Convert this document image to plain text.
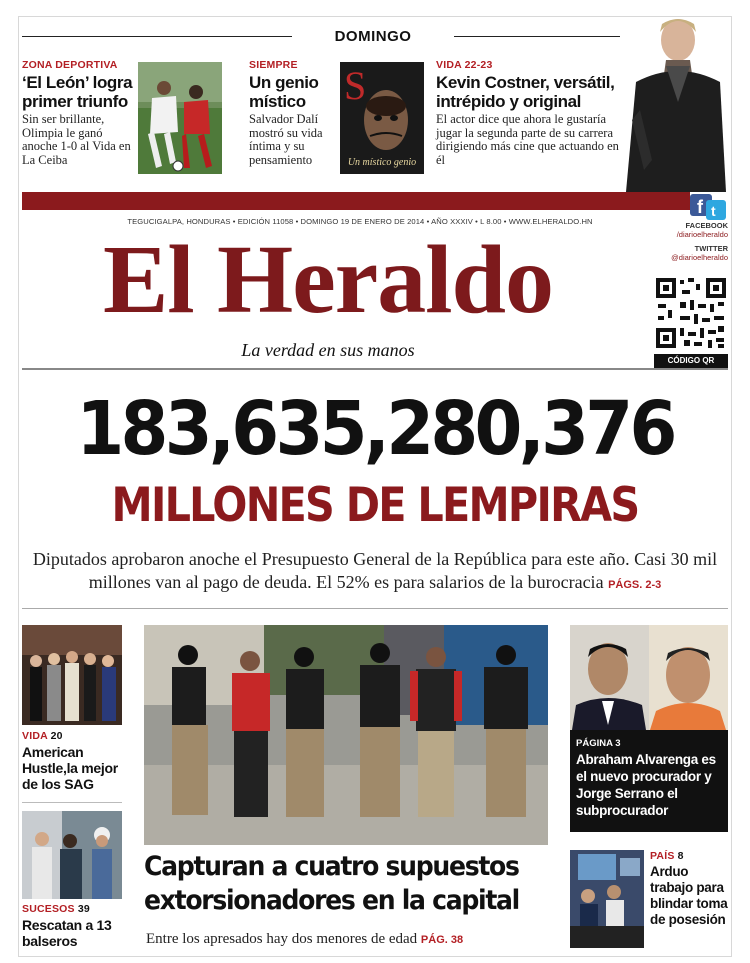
DOMINGO
ZONA DEPORTIVA
‘El León’ logra primer triunfo
Sin ser brillante, Olimpia le ganó anoche 1-0 al Vida en La Ceiba
SIEMPRE
Un genio místico
Salvador Dalí mostró su vida íntima y su pensamiento
S
Un místico genio
VIDA 22-23
Kevin Costner, versátil, intrépido y original
El actor dice que ahora le gustaría jugar la segunda parte de su carrera dirigiendo más cine que actuando en él
f t
TEGUCIGALPA, HONDURAS • EDICIÓN 11058 • DOMINGO 19 DE ENERO DE 2014 • AÑO XXXIV • L 8.00 • WWW.ELHERALDO.HN	FACEBOOK
/diarioelheraldo
TWITTER
@diarioelheraldo
CÓDIGO QR
El Heraldo
La verdad en sus manos
183,635,280,376
MILLONES DE LEMPIRAS
Diputados aprobaron anoche el Presupuesto General de la República para este año. Casi 30 mil millones van al pago de deuda. El 52% es para salarios de la burocracia PÁGS. 2-3
VIDA 20
American Hustle,la mejor de los SAG
SUCESOS 39
Rescatan a 13 balseros
Capturan a cuatro supuestos extorsionadores en la capital
Entre los apresados hay dos menores de edad PÁG. 38
PÁGINA 3
Abraham Alvarenga es el nuevo procurador y Jorge Serrano el subprocurador
PAÍS 8
Arduo trabajo para blindar toma de posesión
